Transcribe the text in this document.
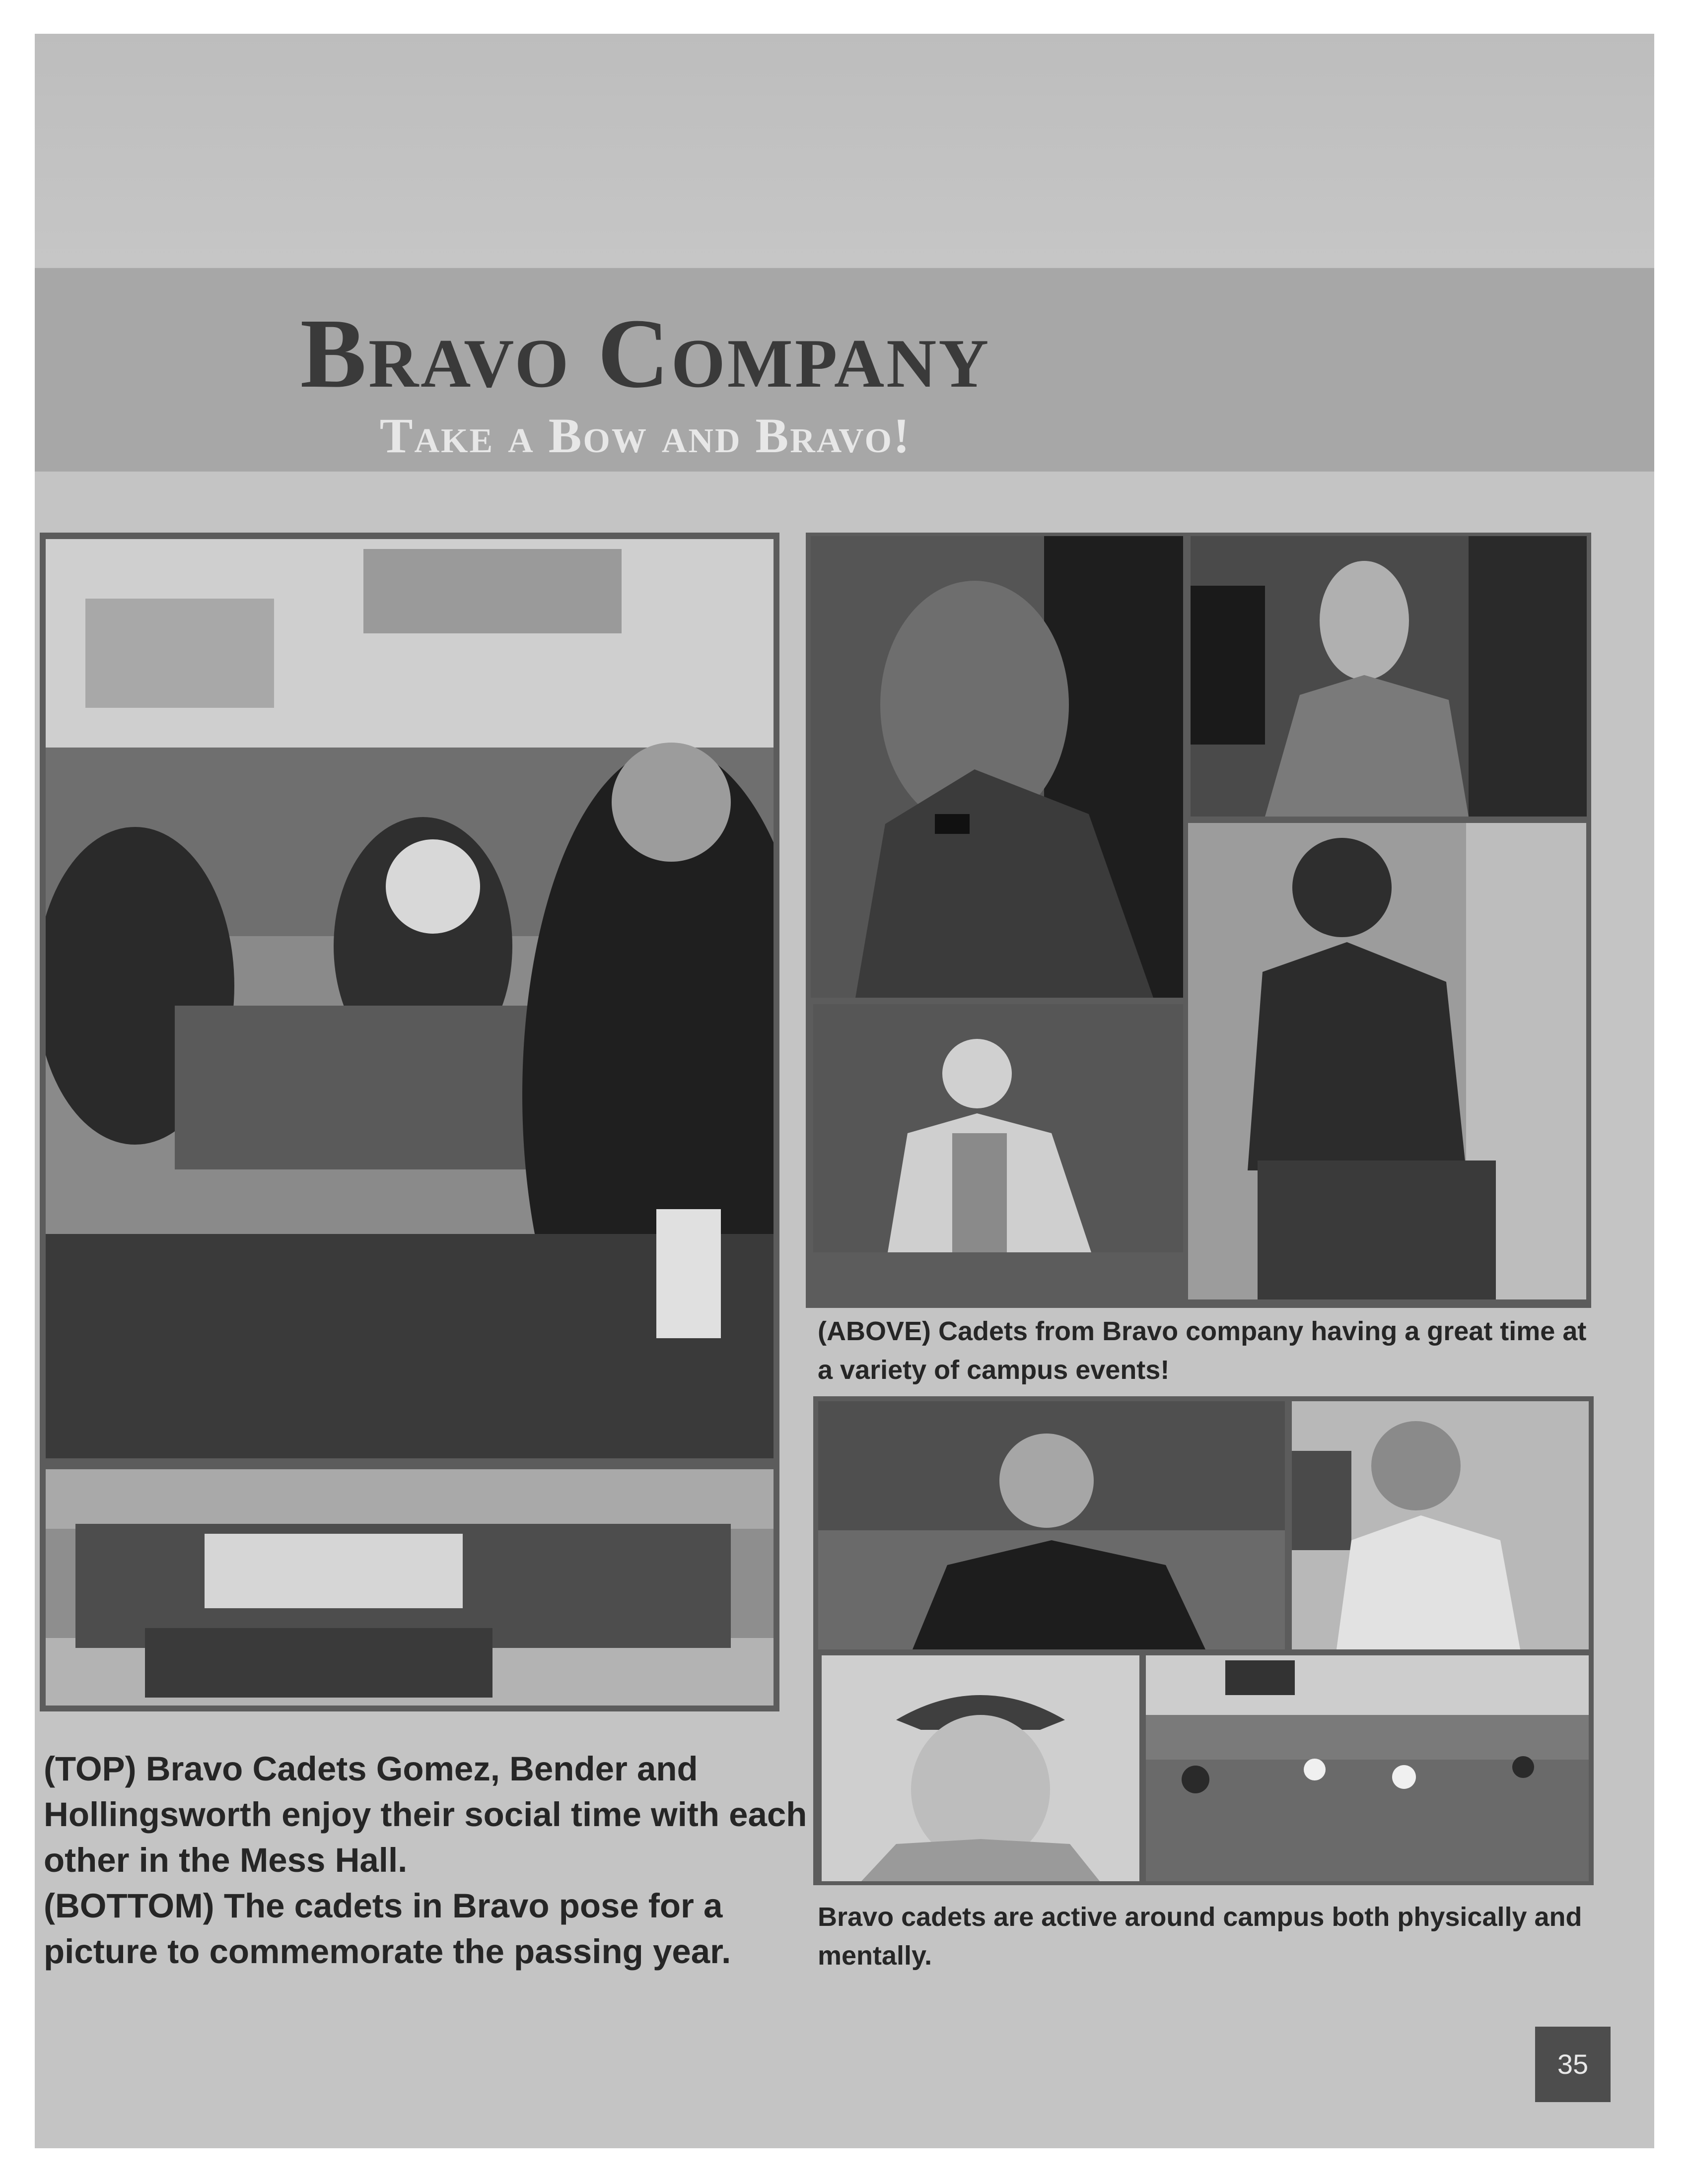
Bravo Company
Take a Bow and Bravo!
(ABOVE) Cadets from Bravo company having a great time at a variety of campus events!
Bravo cadets are active around campus both physically and mentally.
(TOP) Bravo Cadets Gomez, Bender and Hollingsworth enjoy their social time with each other in the Mess Hall.
(BOTTOM) The cadets in Bravo pose for a picture to commemorate the passing year.
35
